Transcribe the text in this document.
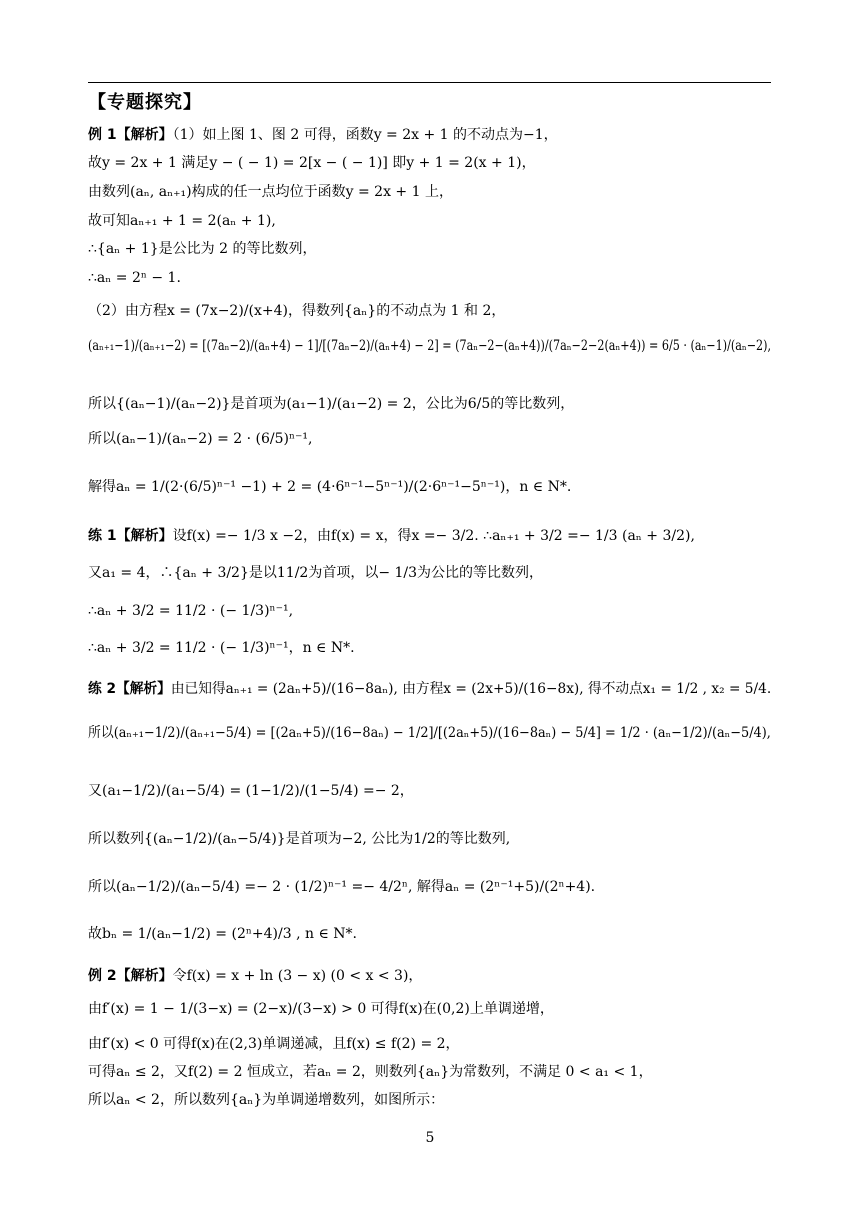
【专题探究】
例 1【解析】（1）如上图 1、图 2 可得，函数y = 2x + 1 的不动点为−1，
故y = 2x + 1 满足y − ( − 1) = 2[x − ( − 1)] 即y + 1 = 2(x + 1)，
由数列(aₙ, aₙ₊₁)构成的任一点均位于函数y = 2x + 1 上，
故可知aₙ₊₁ + 1 = 2(aₙ + 1),
∴{aₙ + 1}是公比为 2 的等比数列，
∴aₙ = 2ⁿ − 1.
（2）由方程x = (7x−2)/(x+4)，得数列{aₙ}的不动点为 1 和 2，
(aₙ₊₁−1)/(aₙ₊₁−2) = [(7aₙ−2)/(aₙ+4) − 1]/[(7aₙ−2)/(aₙ+4) − 2] = (7aₙ−2−(aₙ+4))/(7aₙ−2−2(aₙ+4)) = 6/5 · (aₙ−1)/(aₙ−2),
所以{(aₙ−1)/(aₙ−2)}是首项为(a₁−1)/(a₁−2) = 2，公比为6/5的等比数列，
所以(aₙ−1)/(aₙ−2) = 2 · (6/5)ⁿ⁻¹,
解得aₙ = 1/(2·(6/5)ⁿ⁻¹ −1) + 2 = (4·6ⁿ⁻¹−5ⁿ⁻¹)/(2·6ⁿ⁻¹−5ⁿ⁻¹)，n ∈ N*.
练 1【解析】设f(x) =− 1/3 x −2，由f(x) = x，得x =− 3/2. ∴aₙ₊₁ + 3/2 =− 1/3 (aₙ + 3/2),
又a₁ = 4，∴{aₙ + 3/2}是以11/2为首项，以− 1/3为公比的等比数列，
∴aₙ + 3/2 = 11/2 · (− 1/3)ⁿ⁻¹,
∴aₙ + 3/2 = 11/2 · (− 1/3)ⁿ⁻¹，n ∈ N*.
练 2【解析】由已知得aₙ₊₁ = (2aₙ+5)/(16−8aₙ), 由方程x = (2x+5)/(16−8x), 得不动点x₁ = 1/2 , x₂ = 5/4.
所以(aₙ₊₁−1/2)/(aₙ₊₁−5/4) = [(2aₙ+5)/(16−8aₙ) − 1/2]/[(2aₙ+5)/(16−8aₙ) − 5/4] = 1/2 · (aₙ−1/2)/(aₙ−5/4),
又(a₁−1/2)/(a₁−5/4) = (1−1/2)/(1−5/4) =− 2，
所以数列{(aₙ−1/2)/(aₙ−5/4)}是首项为−2, 公比为1/2的等比数列,
所以(aₙ−1/2)/(aₙ−5/4) =− 2 · (1/2)ⁿ⁻¹ =− 4/2ⁿ, 解得aₙ = (2ⁿ⁻¹+5)/(2ⁿ+4).
故bₙ = 1/(aₙ−1/2) = (2ⁿ+4)/3 , n ∈ N*.
例 2【解析】令f(x) = x + ln (3 − x) (0 < x < 3)，
由f′(x) = 1 − 1/(3−x) = (2−x)/(3−x) > 0 可得f(x)在(0,2)上单调递增，
由f′(x) < 0 可得f(x)在(2,3)单调递减，且f(x) ≤ f(2) = 2，
可得aₙ ≤ 2，又f(2) = 2 恒成立，若aₙ = 2，则数列{aₙ}为常数列，不满足 0 < a₁ < 1，
所以aₙ < 2，所以数列{aₙ}为单调递增数列，如图所示：
5
